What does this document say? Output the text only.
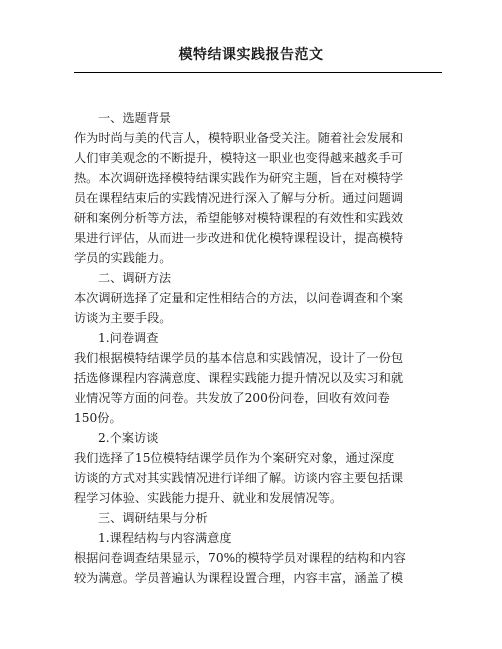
模特结课实践报告范文
一、选题背景
作为时尚与美的代言人，模特职业备受关注。随着社会发展和
人们审美观念的不断提升，模特这一职业也变得越来越炙手可
热。本次调研选择模特结课实践作为研究主题，旨在对模特学
员在课程结束后的实践情况进行深入了解与分析。通过问题调
研和案例分析等方法，希望能够对模特课程的有效性和实践效
果进行评估，从而进一步改进和优化模特课程设计，提高模特
学员的实践能力。
二、调研方法
本次调研选择了定量和定性相结合的方法，以问卷调查和个案
访谈为主要手段。
1.问卷调查
我们根据模特结课学员的基本信息和实践情况，设计了一份包
括选修课程内容满意度、课程实践能力提升情况以及实习和就
业情况等方面的问卷。共发放了200份问卷，回收有效问卷
150份。
2.个案访谈
我们选择了15位模特结课学员作为个案研究对象，通过深度
访谈的方式对其实践情况进行详细了解。访谈内容主要包括课
程学习体验、实践能力提升、就业和发展情况等。
三、调研结果与分析
1.课程结构与内容满意度
根据问卷调查结果显示，70%的模特学员对课程的结构和内容
较为满意。学员普遍认为课程设置合理，内容丰富，涵盖了模
